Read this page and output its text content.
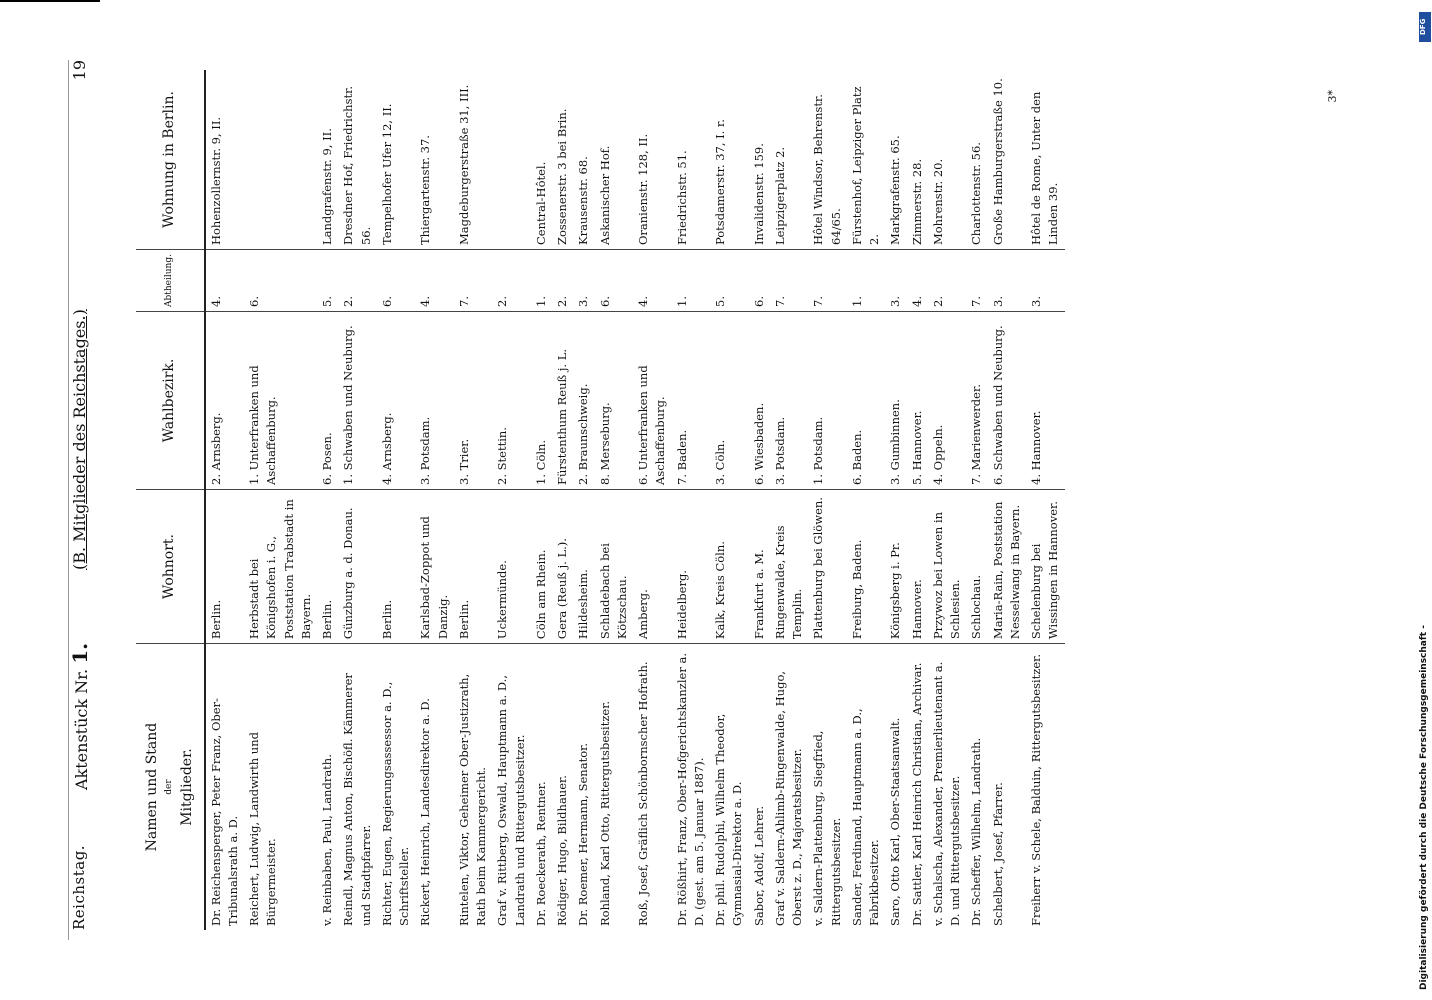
DFG
Digitalisierung gefördert durch die Deutsche Forschungsgemeinschaft -
Reichstag.
Aktenstück Nr. 1.
(B. Mitglieder des Reichstages.)
19
Namen und Stand der Mitglieder.	Wohnort.	Wahlbezirk.	Abtheilung.	Wohnung in Berlin.
Dr. Reichensperger, Peter Franz, Ober-Tribunalsrath a. D.	Berlin.	2. Arnsberg.	4.	Hohenzollernstr. 9, II.
Reichert, Ludwig, Landwirth und Bürgermeister.	Herbstadt bei Königshofen i. G., Poststation Trabstadt in Bayern.	1. Unterfranken und Aschaffenburg.	6.	
v. Reinbaben, Paul, Landrath.	Berlin.	6. Posen.	5.	Landgrafenstr. 9, II.
Reindl, Magnus Anton, Bischöfl. Kämmerer und Stadtpfarrer.	Günzburg a. d. Donau.	1. Schwaben und Neuburg.	2.	Dresdner Hof, Friedrichstr. 56.
Richter, Eugen, Regierungsassessor a. D., Schriftsteller.	Berlin.	4. Arnsberg.	6.	Tempelhofer Ufer 12, II.
Rickert, Heinrich, Landesdirektor a. D.	Karlsbad-Zoppot und Danzig.	3. Potsdam.	4.	Thiergartenstr. 37.
Rintelen, Viktor, Geheimer Ober-Justizrath, Rath beim Kammergericht.	Berlin.	3. Trier.	7.	Magdeburgerstraße 31, III.
Graf v. Rittberg, Oswald, Hauptmann a. D., Landrath und Rittergutsbesitzer.	Uckermünde.	2. Stettin.	2.	
Dr. Roeckerath, Rentner.	Cöln am Rhein.	1. Cöln.	1.	Central-Hôtel.
Rödiger, Hugo, Bildhauer.	Gera (Reuß j. L.).	Fürstenthum Reuß j. L.	2.	Zossenerstr. 3 bei Brin.
Dr. Roemer, Hermann, Senator.	Hildesheim.	2. Braunschweig.	3.	Krausenstr. 68.
Rohland, Karl Otto, Rittergutsbesitzer.	Schladebach bei Kötzschau.	8. Merseburg.	6.	Askanischer Hof.
Roß, Josef, Gräflich Schönbornscher Hofrath.	Amberg.	6. Unterfranken und Aschaffenburg.	4.	Oranienstr. 128, II.
Dr. Rößhirt, Franz, Ober-Hofgerichtskanzler a. D. (gest. am 5. Januar 1887).	Heidelberg.	7. Baden.	1.	Friedrichstr. 51.
Dr. phil. Rudolphi, Wilhelm Theodor, Gymnasial-Direktor a. D.	Kalk, Kreis Cöln.	3. Cöln.	5.	Potsdamerstr. 37, I. r.
Sabor, Adolf, Lehrer.	Frankfurt a. M.	6. Wiesbaden.	6.	Invalidenstr. 159.
Graf v. Saldern-Ahlimb-Ringenwalde, Hugo, Oberst z. D., Majoratsbesitzer.	Ringenwalde, Kreis Templin.	3. Potsdam.	7.	Leipzigerplatz 2.
v. Saldern-Plattenburg, Siegfried, Rittergutsbesitzer.	Plattenburg bei Glöwen.	1. Potsdam.	7.	Hôtel Windsor, Behrenstr. 64/65.
Sander, Ferdinand, Hauptmann a. D., Fabrikbesitzer.	Freiburg, Baden.	6. Baden.	1.	Fürstenhof, Leipziger Platz 2.
Saro, Otto Karl, Ober-Staatsanwalt.	Königsberg i. Pr.	3. Gumbinnen.	3.	Markgrafenstr. 65.
Dr. Sattler, Karl Heinrich Christian, Archivar.	Hannover.	5. Hannover.	4.	Zimmerstr. 28.
v. Schalscha, Alexander, Premierlieutenant a. D. und Rittergutsbesitzer.	Przywoz bei Lowen in Schlesien.	4. Oppeln.	2.	Mohrenstr. 20.
Dr. Scheffer, Wilhelm, Landrath.	Schlochau.	7. Marienwerder.	7.	Charlottenstr. 56.
Schelbert, Josef, Pfarrer.	Maria-Rain, Poststation Nesselwang in Bayern.	6. Schwaben und Neuburg.	3.	Große Hamburgerstraße 10.
Freiherr v. Schele, Balduin, Rittergutsbesitzer.	Schelenburg bei Wissingen in Hannover.	4. Hannover.	3.	Hôtel de Rome, Unter den Linden 39.
3*
